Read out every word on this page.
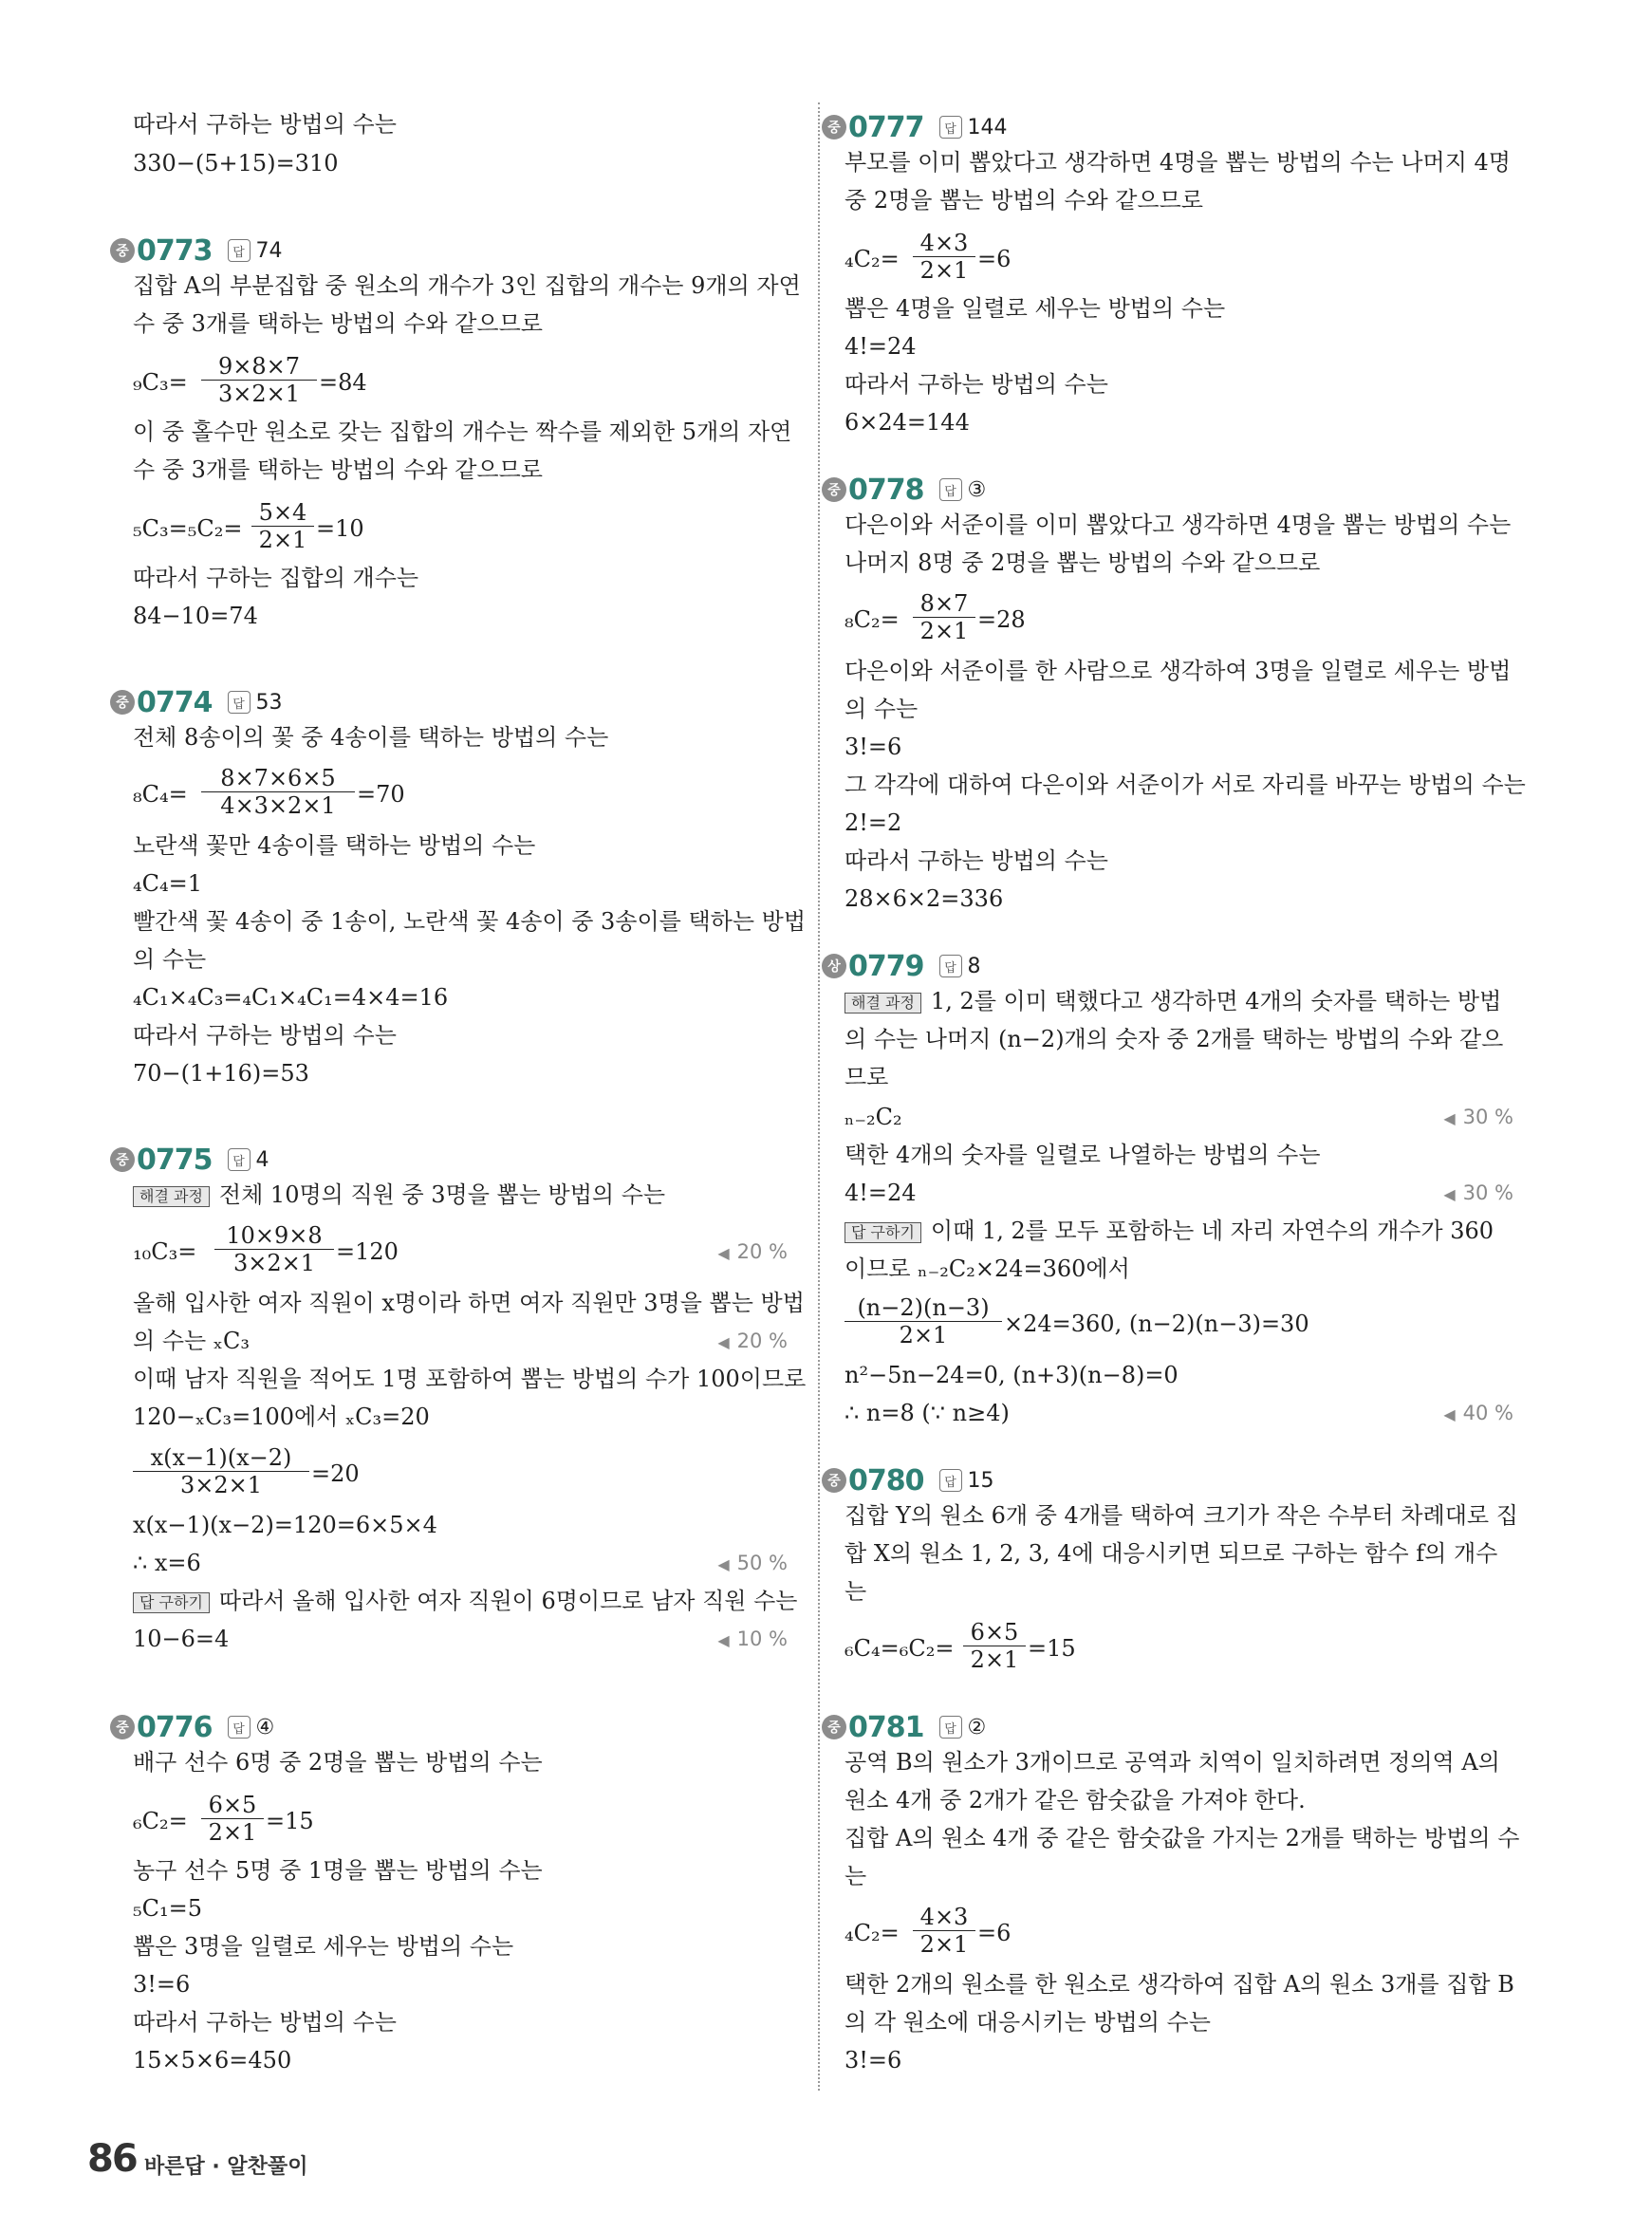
따라서 구하는 방법의 수는
330−(5+15)=310
중 0773	답 74
집합 A의 부분집합 중 원소의 개수가 3인 집합의 개수는 9개의 자연
수 중 3개를 택하는 방법의 수와 같으므로
₉C₃=
9×8×7
3×2×1 =84
이 중 홀수만 원소로 갖는 집합의 개수는 짝수를 제외한 5개의 자연
수 중 3개를 택하는 방법의 수와 같으므로
₅C₃=₅C₂=
5×4
2×1 =10
따라서 구하는 집합의 개수는
84−10=74
중 0774	답 53
전체 8송이의 꽃 중 4송이를 택하는 방법의 수는
₈C₄=
8×7×6×5
4×3×2×1 =70
노란색 꽃만 4송이를 택하는 방법의 수는
₄C₄=1
빨간색 꽃 4송이 중 1송이, 노란색 꽃 4송이 중 3송이를 택하는 방법
의 수는
₄C₁×₄C₃=₄C₁×₄C₁=4×4=16
따라서 구하는 방법의 수는
70−(1+16)=53
중 0775	답 4
해결 과정 전체 10명의 직원 중 3명을 뽑는 방법의 수는
₁₀C₃=
10×9×8
3×2×1 =120	◀ 20 %
올해 입사한 여자 직원이 x명이라 하면 여자 직원만 3명을 뽑는 방법
의 수는 ₓC₃	◀ 20 %
이때 남자 직원을 적어도 1명 포함하여 뽑는 방법의 수가 100이므로
120−ₓC₃=100에서 ₓC₃=20
x(x−1)(x−2)
3×2×1	=20
x(x−1)(x−2)=120=6×5×4
∴ x=6	◀ 50 %
답 구하기 따라서 올해 입사한 여자 직원이 6명이므로 남자 직원 수는
10−6=4	◀ 10 %
중 0776	답 ④
배구 선수 6명 중 2명을 뽑는 방법의 수는
₆C₂=
6×5
2×1 =15
농구 선수 5명 중 1명을 뽑는 방법의 수는
₅C₁=5
뽑은 3명을 일렬로 세우는 방법의 수는
3!=6
따라서 구하는 방법의 수는
15×5×6=450
중 0777	답 144
부모를 이미 뽑았다고 생각하면 4명을 뽑는 방법의 수는 나머지 4명
중 2명을 뽑는 방법의 수와 같으므로
₄C₂=
4×3
2×1 =6
뽑은 4명을 일렬로 세우는 방법의 수는
4!=24
따라서 구하는 방법의 수는
6×24=144
중 0778	답 ③
다은이와 서준이를 이미 뽑았다고 생각하면 4명을 뽑는 방법의 수는
나머지 8명 중 2명을 뽑는 방법의 수와 같으므로
₈C₂=
8×7
2×1 =28
다은이와 서준이를 한 사람으로 생각하여 3명을 일렬로 세우는 방법
의 수는
3!=6
그 각각에 대하여 다은이와 서준이가 서로 자리를 바꾸는 방법의 수는
2!=2
따라서 구하는 방법의 수는
28×6×2=336
상 0779	답 8
해결 과정 1, 2를 이미 택했다고 생각하면 4개의 숫자를 택하는 방법
의 수는 나머지 (n−2)개의 숫자 중 2개를 택하는 방법의 수와 같으
므로
ₙ₋₂C₂	◀ 30 %
택한 4개의 숫자를 일렬로 나열하는 방법의 수는
4!=24	◀ 30 %
답 구하기 이때 1, 2를 모두 포함하는 네 자리 자연수의 개수가 360
이므로 ₙ₋₂C₂×24=360에서
(n−2)(n−3)
2×1	×24=360, (n−2)(n−3)=30
n²−5n−24=0, (n+3)(n−8)=0
∴ n=8 (∵ n≥4)	◀ 40 %
중 0780	답 15
집합 Y의 원소 6개 중 4개를 택하여 크기가 작은 수부터 차례대로 집
합 X의 원소 1, 2, 3, 4에 대응시키면 되므로 구하는 함수 f의 개수
는
₆C₄=₆C₂=
6×5
2×1 =15
중 0781	답 ②
공역 B의 원소가 3개이므로 공역과 치역이 일치하려면 정의역 A의
원소 4개 중 2개가 같은 함숫값을 가져야 한다.
집합 A의 원소 4개 중 같은 함숫값을 가지는 2개를 택하는 방법의 수
는
₄C₂=
4×3
2×1 =6
택한 2개의 원소를 한 원소로 생각하여 집합 A의 원소 3개를 집합 B
의 각 원소에 대응시키는 방법의 수는
3!=6
86 바른답 · 알찬풀이
